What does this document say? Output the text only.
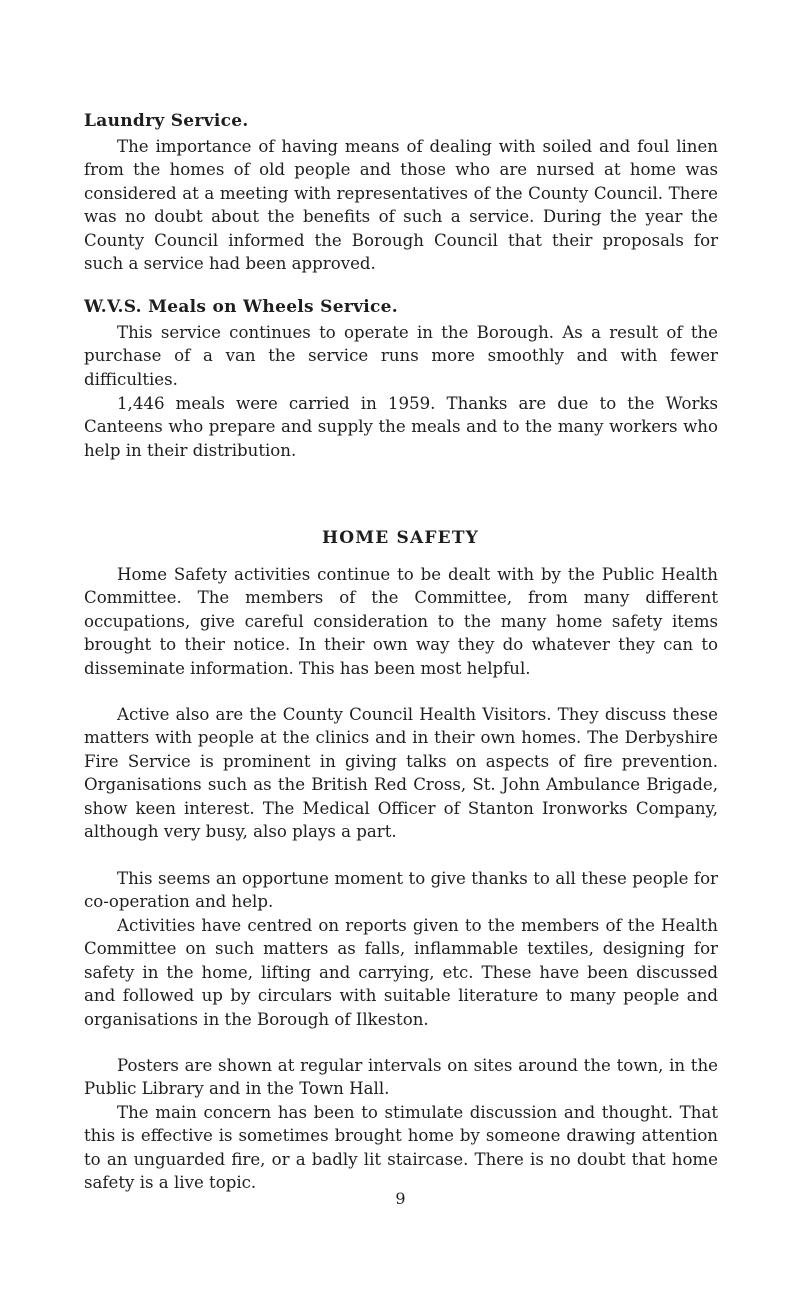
Laundry Service.

The importance of having means of dealing with soiled and foul linen from the homes of old people and those who are nursed at home was considered at a meeting with representatives of the County Council. There was no doubt about the benefits of such a service. During the year the County Council informed the Borough Council that their proposals for such a service had been approved.

W.V.S. Meals on Wheels Service.

This service continues to operate in the Borough. As a result of the purchase of a van the service runs more smoothly and with fewer difficulties.

1,446 meals were carried in 1959. Thanks are due to the Works Canteens who prepare and supply the meals and to the many workers who help in their distribution.

HOME SAFETY

Home Safety activities continue to be dealt with by the Public Health Committee. The members of the Committee, from many different occupations, give careful consideration to the many home safety items brought to their notice. In their own way they do whatever they can to disseminate information. This has been most helpful.

Active also are the County Council Health Visitors. They discuss these matters with people at the clinics and in their own homes. The Derbyshire Fire Service is prominent in giving talks on aspects of fire prevention. Organisations such as the British Red Cross, St. John Ambulance Brigade, show keen interest. The Medical Officer of Stanton Ironworks Company, although very busy, also plays a part.

This seems an opportune moment to give thanks to all these people for co-operation and help.

Activities have centred on reports given to the members of the Health Committee on such matters as falls, inflammable textiles, designing for safety in the home, lifting and carrying, etc. These have been discussed and followed up by circulars with suitable literature to many people and organisations in the Borough of Ilkeston.

Posters are shown at regular intervals on sites around the town, in the Public Library and in the Town Hall.

The main concern has been to stimulate discussion and thought. That this is effective is sometimes brought home by someone drawing attention to an unguarded fire, or a badly lit staircase. There is no doubt that home safety is a live topic.

9
